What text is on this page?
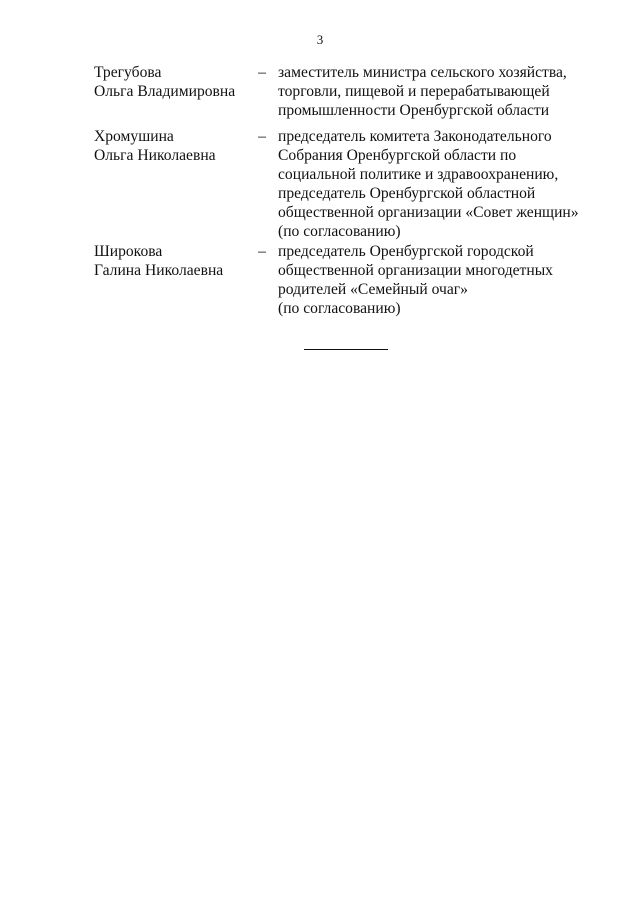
3
Трегубова
Ольга Владимировна
– заместитель министра сельского хозяйства,
торговли, пищевой и перерабатывающей
промышленности Оренбургской области
Хромушина
Ольга Николаевна
– председатель комитета Законодательного
Собрания Оренбургской области по
социальной политике и здравоохранению,
председатель Оренбургской областной
общественной организации «Совет женщин»
(по согласованию)
Широкова
Галина Николаевна
– председатель Оренбургской городской
общественной организации многодетных
родителей «Семейный очаг»
(по согласованию)
